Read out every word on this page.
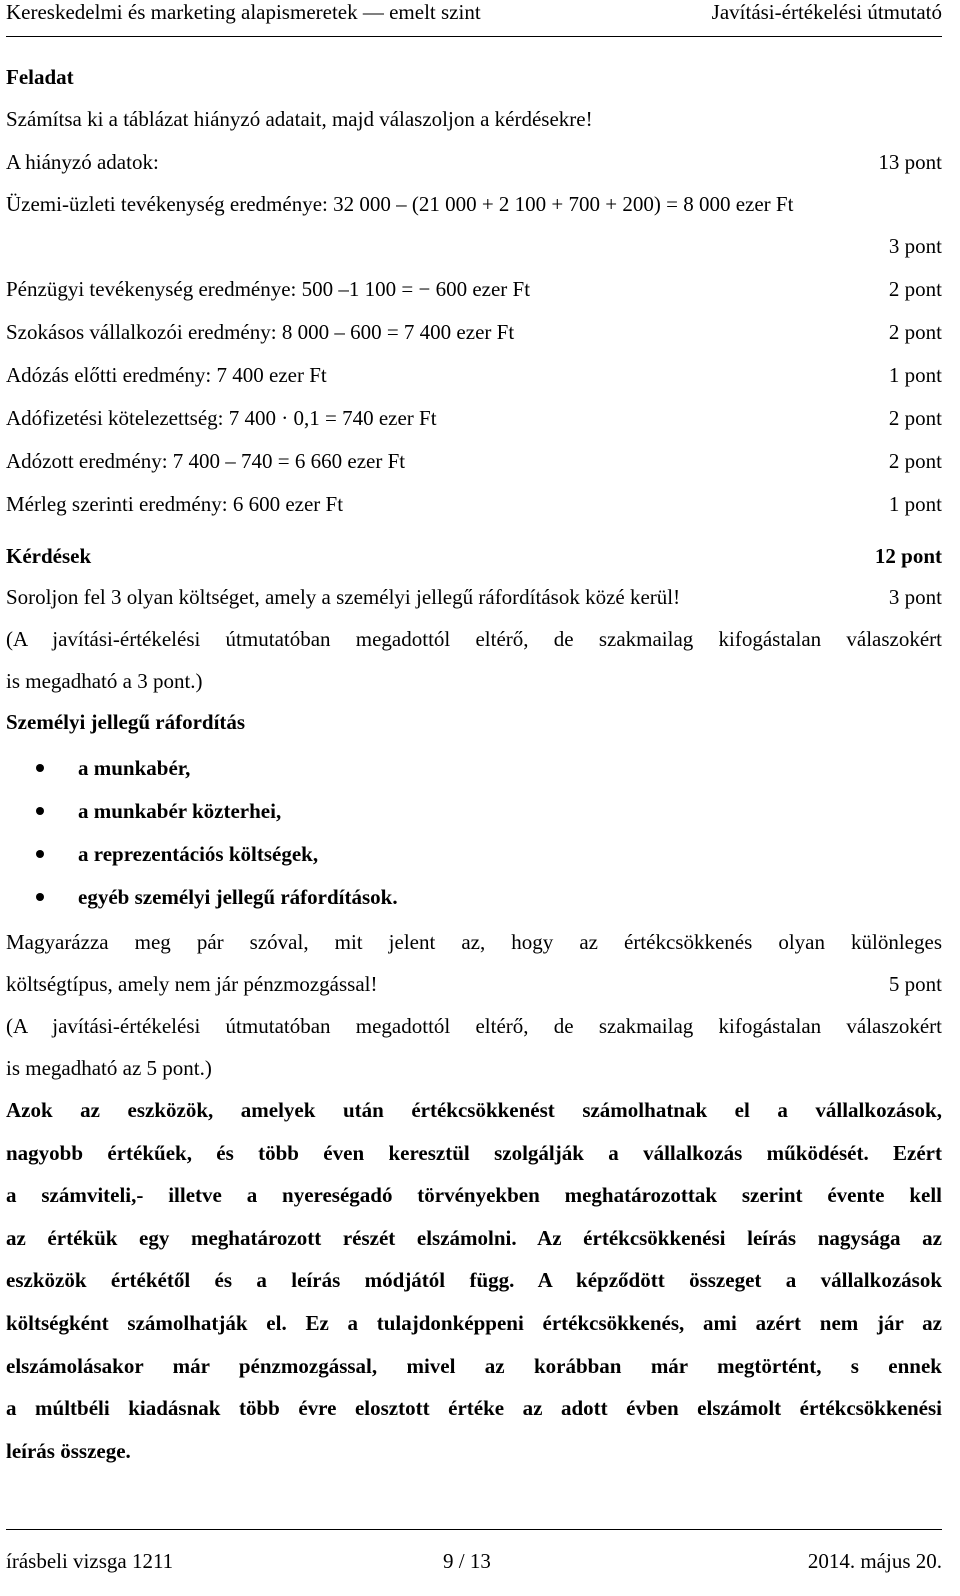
Kereskedelmi és marketing alapismeretek — emelt szint	Javítási-értékelési útmutató
Feladat
Számítsa ki a táblázat hiányzó adatait, majd válaszoljon a kérdésekre!
A hiányzó adatok:	13 pont
Üzemi-üzleti tevékenység eredménye: 32 000 – (21 000 + 2 100 + 700 + 200) = 8 000 ezer Ft
3 pont
Pénzügyi tevékenység eredménye: 500 –1 100 = − 600 ezer Ft	2 pont
Szokásos vállalkozói eredmény: 8 000 – 600 = 7 400 ezer Ft	2 pont
Adózás előtti eredmény: 7 400 ezer Ft	1 pont
Adófizetési kötelezettség: 7 400 · 0,1 = 740 ezer Ft	2 pont
Adózott eredmény: 7 400 – 740 = 6 660 ezer Ft	2 pont
Mérleg szerinti eredmény: 6 600 ezer Ft	1 pont
Kérdések	12 pont
Soroljon fel 3 olyan költséget, amely a személyi jellegű ráfordítások közé kerül!	3 pont
(A javítási-értékelési útmutatóban megadottól eltérő, de szakmailag kifogástalan válaszokért
is megadható a 3 pont.)
Személyi jellegű ráfordítás
a munkabér,
a munkabér közterhei,
a reprezentációs költségek,
egyéb személyi jellegű ráfordítások.
Magyarázza meg pár szóval, mit jelent az, hogy az értékcsökkenés olyan különleges
költségtípus, amely nem jár pénzmozgással!	5 pont
(A javítási-értékelési útmutatóban megadottól eltérő, de szakmailag kifogástalan válaszokért
is megadható az 5 pont.)
Azok az eszközök, amelyek után értékcsökkenést számolhatnak el a vállalkozások,
nagyobb értékűek, és több éven keresztül szolgálják a vállalkozás működését. Ezért
a számviteli,- illetve a nyereségadó törvényekben meghatározottak szerint évente kell
az értékük egy meghatározott részét elszámolni. Az értékcsökkenési leírás nagysága az
eszközök értékétől és a leírás módjától függ. A képződött összeget a vállalkozások
költségként számolhatják el. Ez a tulajdonképpeni értékcsökkenés, ami azért nem jár az
elszámolásakor már pénzmozgással, mivel az korábban már megtörtént, s ennek
a múltbéli kiadásnak több évre elosztott értéke az adott évben elszámolt értékcsökkenési
leírás összege.
írásbeli vizsga 1211	9 / 13	2014. május 20.
